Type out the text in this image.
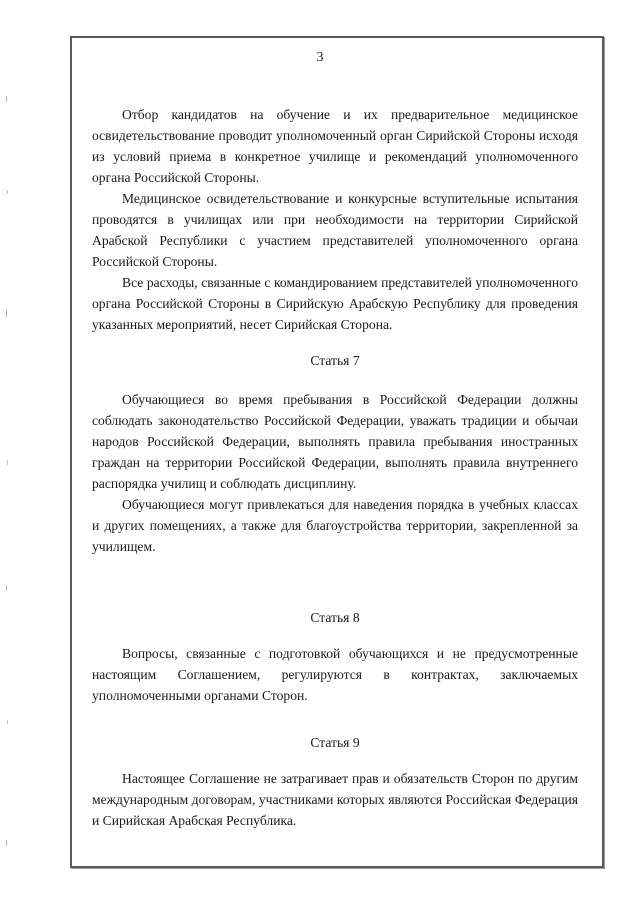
3

Отбор кандидатов на обучение и их предварительное медицинское освидетельствование проводит уполномоченный орган Сирийской Стороны исходя из условий приема в конкретное училище и рекомендаций уполномоченного органа Российской Стороны.

Медицинское освидетельствование и конкурсные вступительные испытания проводятся в училищах или при необходимости на территории Сирийской Арабской Республики с участием представителей уполномоченного органа Российской Стороны.

Все расходы, связанные с командированием представителей уполномоченного органа Российской Стороны в Сирийскую Арабскую Республику для проведения указанных мероприятий, несет Сирийская Сторона.

Статья 7

Обучающиеся во время пребывания в Российской Федерации должны соблюдать законодательство Российской Федерации, уважать традиции и обычаи народов Российской Федерации, выполнять правила пребывания иностранных граждан на территории Российской Федерации, выполнять правила внутреннего распорядка училищ и соблюдать дисциплину.

Обучающиеся могут привлекаться для наведения порядка в учебных классах и других помещениях, а также для благоустройства территории, закрепленной за училищем.

Статья 8

Вопросы, связанные с подготовкой обучающихся и не предусмотренные настоящим Соглашением, регулируются в контрактах, заключаемых уполномоченными органами Сторон.

Статья 9

Настоящее Соглашение не затрагивает прав и обязательств Сторон по другим международным договорам, участниками которых являются Российская Федерация и Сирийская Арабская Республика.
